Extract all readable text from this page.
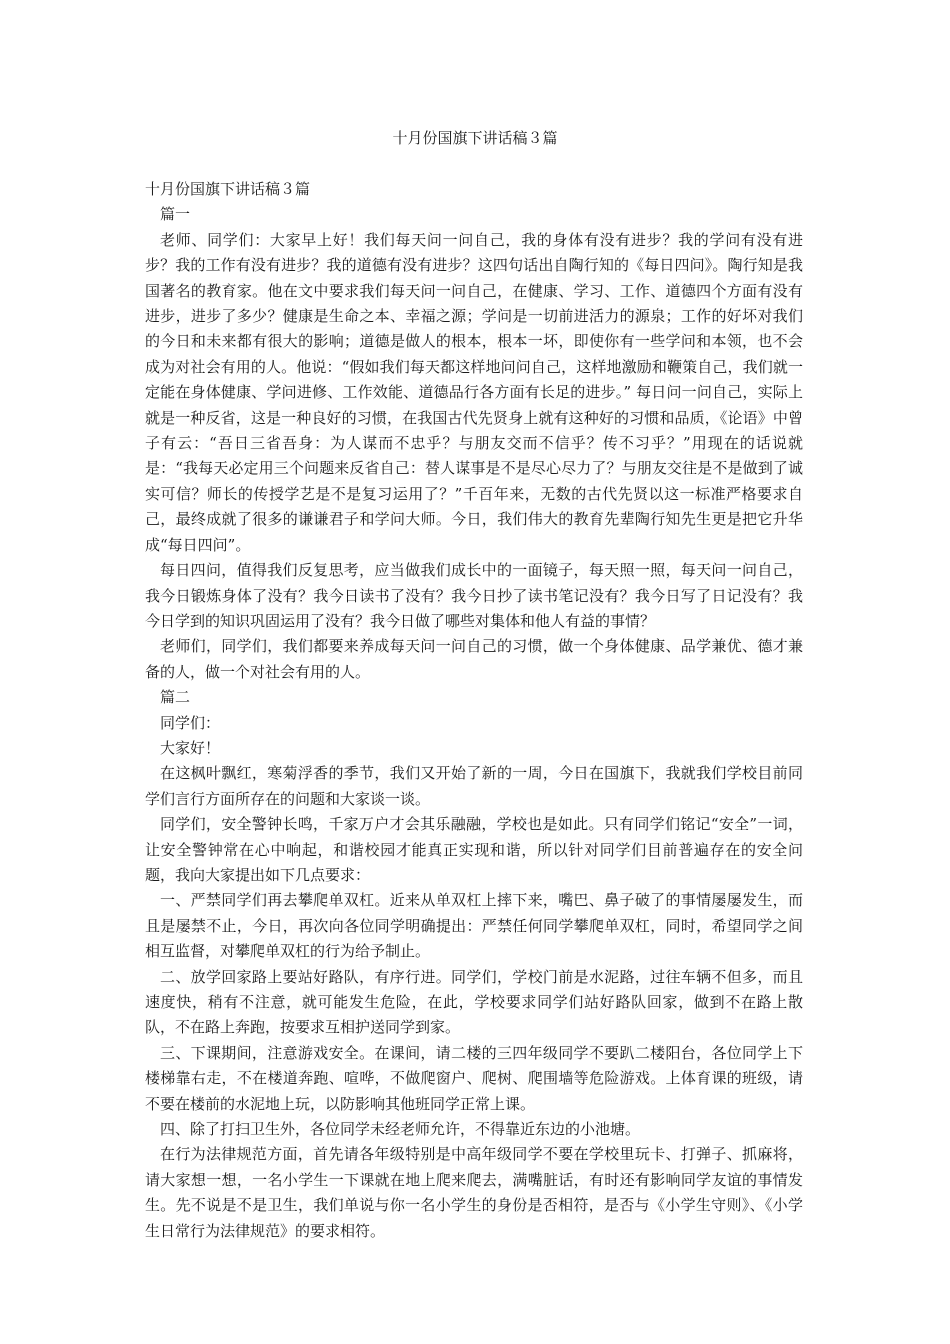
十月份国旗下讲话稿３篇

十月份国旗下讲话稿３篇

篇一

老师、同学们：大家早上好！我们每天问一问自己，我的身体有没有进步？我的学问有没有进步？我的工作有没有进步？我的道德有没有进步？这四句话出自陶行知的《每日四问》。陶行知是我国著名的教育家。他在文中要求我们每天问一问自己，在健康、学习、工作、道德四个方面有没有进步，进步了多少？健康是生命之本、幸福之源；学问是一切前进活力的源泉；工作的好坏对我们的今日和未来都有很大的影响；道德是做人的根本，根本一坏，即使你有一些学问和本领，也不会成为对社会有用的人。他说：“假如我们每天都这样地问问自己，这样地激励和鞭策自己，我们就一定能在身体健康、学问进修、工作效能、道德品行各方面有长足的进步。” 每日问一问自己，实际上就是一种反省，这是一种良好的习惯，在我国古代先贤身上就有这种好的习惯和品质，《论语》中曾子有云：“吾日三省吾身：为人谋而不忠乎？与朋友交而不信乎？传不习乎？”用现在的话说就是：“我每天必定用三个问题来反省自己：替人谋事是不是尽心尽力了？与朋友交往是不是做到了诚实可信？师长的传授学艺是不是复习运用了？”千百年来，无数的古代先贤以这一标准严格要求自己，最终成就了很多的谦谦君子和学问大师。今日，我们伟大的教育先辈陶行知先生更是把它升华成“每日四问”。

每日四问，值得我们反复思考，应当做我们成长中的一面镜子，每天照一照，每天问一问自己，我今日锻炼身体了没有？我今日读书了没有？我今日抄了读书笔记没有？我今日写了日记没有？我今日学到的知识巩固运用了没有？我今日做了哪些对集体和他人有益的事情？

老师们，同学们，我们都要来养成每天问一问自己的习惯，做一个身体健康、品学兼优、德才兼备的人，做一个对社会有用的人。

篇二

同学们：

大家好！

在这枫叶飘红，寒菊浮香的季节，我们又开始了新的一周，今日在国旗下，我就我们学校目前同学们言行方面所存在的问题和大家谈一谈。

同学们，安全警钟长鸣，千家万户才会其乐融融，学校也是如此。只有同学们铭记“安全”一词，让安全警钟常在心中响起，和谐校园才能真正实现和谐，所以针对同学们目前普遍存在的安全问题，我向大家提出如下几点要求：

一、严禁同学们再去攀爬单双杠。近来从单双杠上摔下来，嘴巴、鼻子破了的事情屡屡发生，而且是屡禁不止，今日，再次向各位同学明确提出：严禁任何同学攀爬单双杠，同时，希望同学之间相互监督，对攀爬单双杠的行为给予制止。

二、放学回家路上要站好路队，有序行进。同学们，学校门前是水泥路，过往车辆不但多，而且速度快，稍有不注意，就可能发生危险，在此，学校要求同学们站好路队回家，做到不在路上散队，不在路上奔跑，按要求互相护送同学到家。

三、下课期间，注意游戏安全。在课间，请二楼的三四年级同学不要趴二楼阳台，各位同学上下楼梯靠右走，不在楼道奔跑、喧哗，不做爬窗户、爬树、爬围墙等危险游戏。上体育课的班级，请不要在楼前的水泥地上玩，以防影响其他班同学正常上课。

四、除了打扫卫生外，各位同学未经老师允许，不得靠近东边的小池塘。

在行为法律规范方面，首先请各年级特别是中高年级同学不要在学校里玩卡、打弹子、抓麻将，请大家想一想，一名小学生一下课就在地上爬来爬去，满嘴脏话，有时还有影响同学友谊的事情发生。先不说是不是卫生，我们单说与你一名小学生的身份是否相符，是否与《小学生守则》、《小学生日常行为法律规范》的要求相符。
